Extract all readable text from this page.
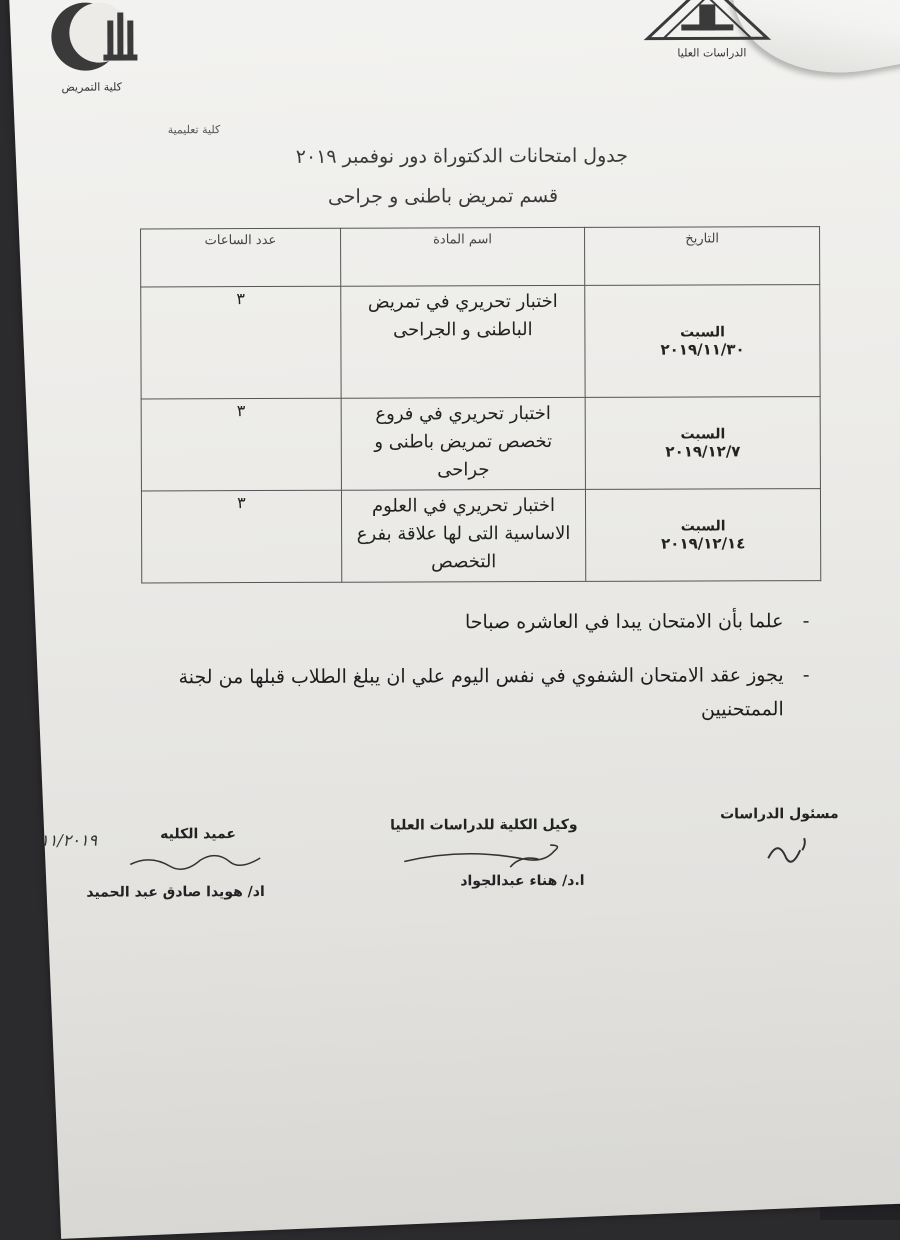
كلية التمريض
الدراسات العليا
كلية تعليمية
جدول امتحانات الدكتوراة دور نوفمبر ٢٠١٩
قسم تمريض باطنى و جراحى
التاريخ	اسم المادة	عدد الساعات

السبت
٢٠١٩/١١/٣٠	اختبار تحريري في تمريض الباطنى و الجراحى	٣

السبت
٢٠١٩/١٢/٧	اختبار تحريري في فروع تخصص تمريض باطنى و جراحى	٣

السبت
٢٠١٩/١٢/١٤	اختبار تحريري في العلوم الاساسية التى لها علاقة بفرع التخصص	٣
-
علما بأن الامتحان يبدا في العاشره صباحا
-
يجوز عقد الامتحان الشفوي في نفس اليوم علي ان يبلغ الطلاب قبلها من لجنة الممتحنيين
مسئول الدراسات
وكيل الكلية للدراسات العليا
ا.د/ هناء عبدالجواد
عميد الكليه
١١/٢٠١٩
اد/ هويدا صادق عبد الحميد
